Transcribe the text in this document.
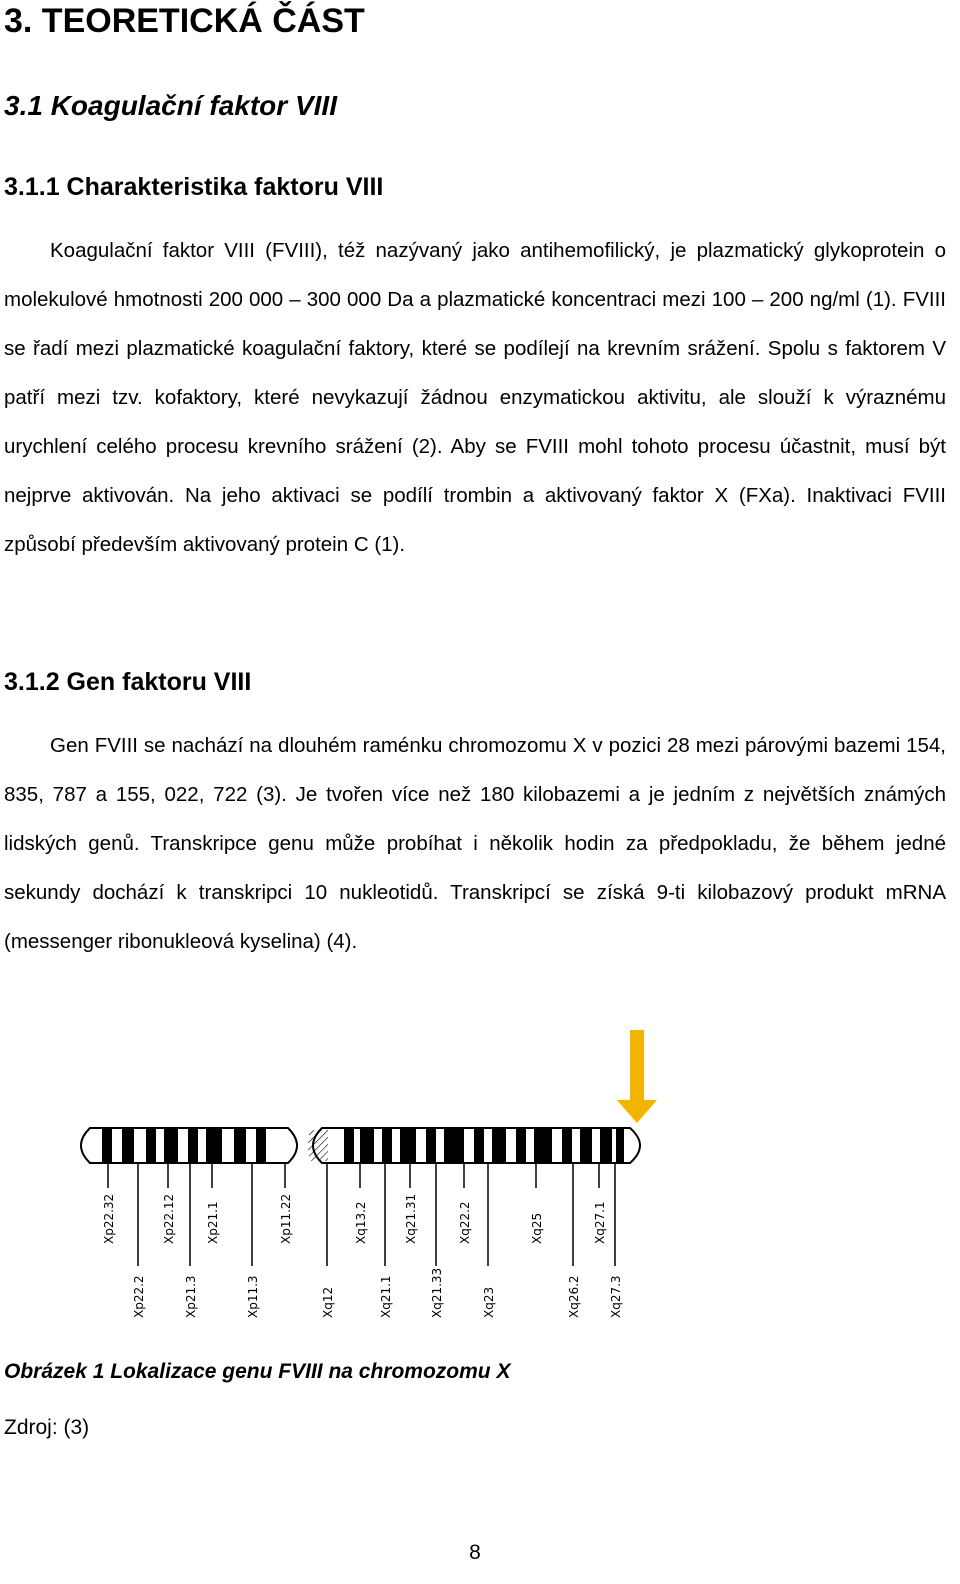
3. TEORETICKÁ ČÁST
3.1 Koagulační faktor VIII
3.1.1 Charakteristika faktoru VIII

Koagulační faktor VIII (FVIII), též nazývaný jako antihemofilický, je plazmatický glykoprotein o molekulové hmotnosti 200 000 – 300 000 Da a plazmatické koncentraci mezi 100 – 200 ng/ml (1). FVIII se řadí mezi plazmatické koagulační faktory, které se podílejí na krevním srážení. Spolu s faktorem V patří mezi tzv. kofaktory, které nevykazují žádnou enzymatickou aktivitu, ale slouží k výraznému urychlení celého procesu krevního srážení (2). Aby se FVIII mohl tohoto procesu účastnit, musí být nejprve aktivován. Na jeho aktivaci se podílí trombin a aktivovaný faktor X (FXa). Inaktivaci FVIII způsobí především aktivovaný protein C (1).

3.1.2 Gen faktoru VIII

Gen FVIII se nachází na dlouhém raménku chromozomu X v pozici 28 mezi párovými bazemi 154, 835, 787 a 155, 022, 722 (3). Je tvořen více než 180 kilobazemi a je jedním z největších známých lidských genů. Transkripce genu může probíhat i několik hodin za předpokladu, že během jedné sekundy dochází k transkripci 10 nukleotidů. Transkripcí se získá 9-ti kilobazový produkt mRNA (messenger ribonukleová kyselina) (4).

Xp22.32	Xp22.12	Xp21.1	Xp11.22	Xq13.2	Xq21.31	Xq22.2	Xq25	Xq27.1
Xp22.2	Xp21.3	Xp11.3	Xq12	Xq21.1	Xq21.33	Xq23	Xq26.2 Xq27.3
Obrázek 1 Lokalizace genu FVIII na chromozomu X
Zdroj: (3)
8
